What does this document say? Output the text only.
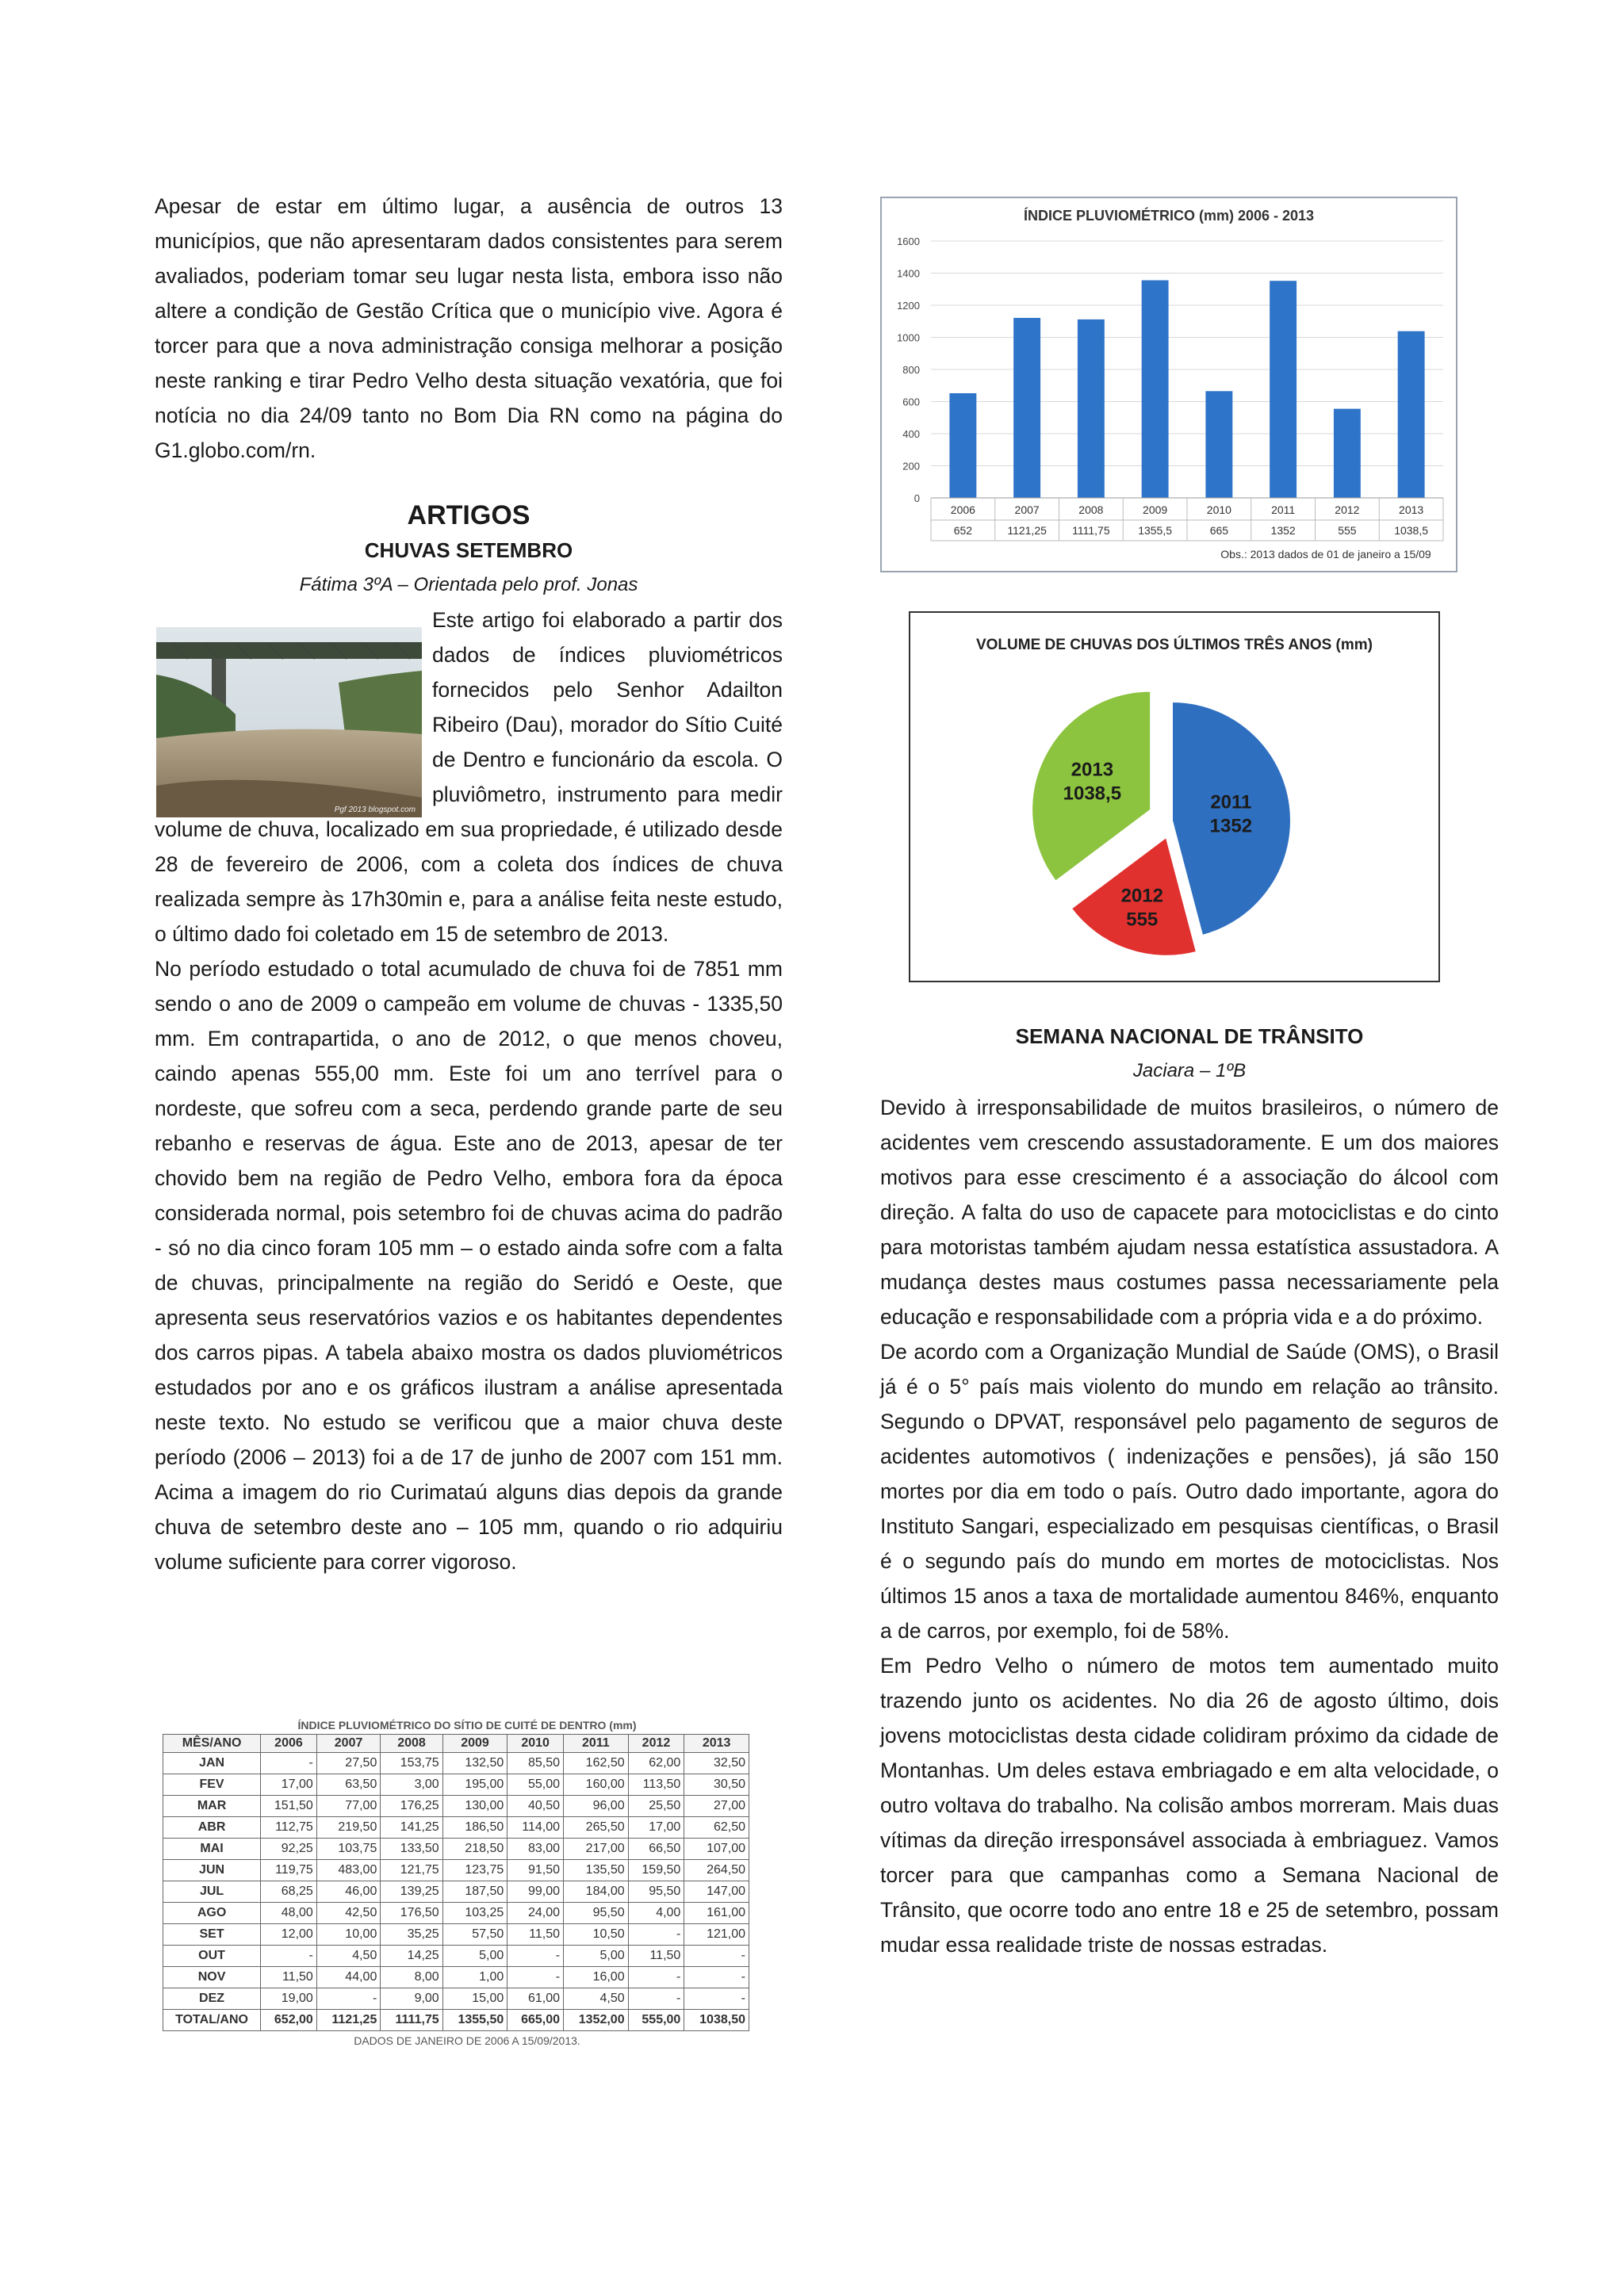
Apesar de estar em último lugar, a ausência de outros 13 municípios, que não apresentaram dados consistentes para serem avaliados, poderiam tomar seu lugar nesta lista, embora isso não altere a condição de Gestão Crítica que o município vive. Agora é torcer para que a nova administração consiga melhorar a posição neste ranking e tirar Pedro Velho desta situação vexatória, que foi notícia no dia 24/09 tanto no Bom Dia RN como na página do G1.globo.com/rn.

ARTIGOS

CHUVAS SETEMBRO

Fátima 3ºA – Orientada pelo prof. Jonas

Este artigo foi elaborado a partir dos dados de índices pluviométricos fornecidos pelo Senhor Adailton Ribeiro (Dau), morador do Sítio Cuité de Dentro e funcionário da escola. O pluviômetro, instrumento para medir volume de chuva, localizado em sua propriedade, é utilizado desde 28 de fevereiro de 2006, com a coleta dos índices de chuva realizada sempre às 17h30min e, para a análise feita neste estudo, o último dado foi coletado em 15 de setembro de 2013.

No período estudado o total acumulado de chuva foi de 7851 mm sendo o ano de 2009 o campeão em volume de chuvas - 1335,50 mm. Em contrapartida, o ano de 2012, o que menos choveu, caindo apenas 555,00 mm. Este foi um ano terrível para o nordeste, que sofreu com a seca, perdendo grande parte de seu rebanho e reservas de água. Este ano de 2013, apesar de ter chovido bem na região de Pedro Velho, embora fora da época considerada normal, pois setembro foi de chuvas acima do padrão - só no dia cinco foram 105 mm – o estado ainda sofre com a falta de chuvas, principalmente na região do Seridó e Oeste, que apresenta seus reservatórios vazios e os habitantes dependentes dos carros pipas. A tabela abaixo mostra os dados pluviométricos estudados por ano e os gráficos ilustram a análise apresentada neste texto. No estudo se verificou que a maior chuva deste período (2006 – 2013) foi a de 17 de junho de 2007 com 151 mm. Acima a imagem do rio Curimataú alguns dias depois da grande chuva de setembro deste ano – 105 mm, quando o rio adquiriu volume suficiente para correr vigoroso.

Pgf 2013 blogspot.com
ÍNDICE PLUVIOMÉTRICO DO SÍTIO DE CUITÉ DE DENTRO (mm)
MÊS/ANO	2006	2007	2008	2009	2010	2011	2012	2013
JAN	-	27,50	153,75	132,50	85,50	162,50	62,00	32,50
FEV	17,00	63,50	3,00	195,00	55,00	160,00	113,50	30,50
MAR	151,50	77,00	176,25	130,00	40,50	96,00	25,50	27,00
ABR	112,75	219,50	141,25	186,50	114,00	265,50	17,00	62,50
MAI	92,25	103,75	133,50	218,50	83,00	217,00	66,50	107,00
JUN	119,75	483,00	121,75	123,75	91,50	135,50	159,50	264,50
JUL	68,25	46,00	139,25	187,50	99,00	184,00	95,50	147,00
AGO	48,00	42,50	176,50	103,25	24,00	95,50	4,00	161,00
SET	12,00	10,00	35,25	57,50	11,50	10,50	-	121,00
OUT	-	4,50	14,25	5,00	-	5,00	11,50	-
NOV	11,50	44,00	8,00	1,00	-	16,00	-	-
DEZ	19,00	-	9,00	15,00	61,00	4,50	-	-
TOTAL/ANO	652,00	1121,25	1111,75	1355,50	665,00	1352,00	555,00	1038,50
DADOS DE JANEIRO DE 2006 A 15/09/2013.
ÍNDICE PLUVIOMÉTRICO (mm) 2006 - 2013
0
200
400
600
800
1000
1200
1400
1600
2006
652
2007
1121,25
2008
1111,75
2009
1355,5
2010
665
2011
1352
2012
555
2013
1038,5
Obs.: 2013 dados de 01 de janeiro a 15/09
VOLUME DE CHUVAS DOS ÚLTIMOS TRÊS ANOS (mm)
2011
1352
2012
555
2013
1038,5

SEMANA NACIONAL DE TRÂNSITO

Jaciara – 1ºB

Devido à irresponsabilidade de muitos brasileiros, o número de acidentes vem crescendo assustadoramente. E um dos maiores motivos para esse crescimento é a associação do álcool com direção. A falta do uso de capacete para motociclistas e do cinto para motoristas também ajudam nessa estatística assustadora. A mudança destes maus costumes passa necessariamente pela educação e responsabilidade com a própria vida e a do próximo.

De acordo com a Organização Mundial de Saúde (OMS), o Brasil já é o 5° país mais violento do mundo em relação ao trânsito. Segundo o DPVAT, responsável pelo pagamento de seguros de acidentes automotivos ( indenizações e pensões), já são 150 mortes por dia em todo o país. Outro dado importante, agora do Instituto Sangari, especializado em pesquisas científicas, o Brasil é o segundo país do mundo em mortes de motociclistas. Nos últimos 15 anos a taxa de mortalidade aumentou 846%, enquanto a de carros, por exemplo, foi de 58%.

Em Pedro Velho o número de motos tem aumentado muito trazendo junto os acidentes. No dia 26 de agosto último, dois jovens motociclistas desta cidade colidiram próximo da cidade de Montanhas. Um deles estava embriagado e em alta velocidade, o outro voltava do trabalho. Na colisão ambos morreram. Mais duas vítimas da direção irresponsável associada à embriaguez. Vamos torcer para que campanhas como a Semana Nacional de Trânsito, que ocorre todo ano entre 18 e 25 de setembro, possam mudar essa realidade triste de nossas estradas.
